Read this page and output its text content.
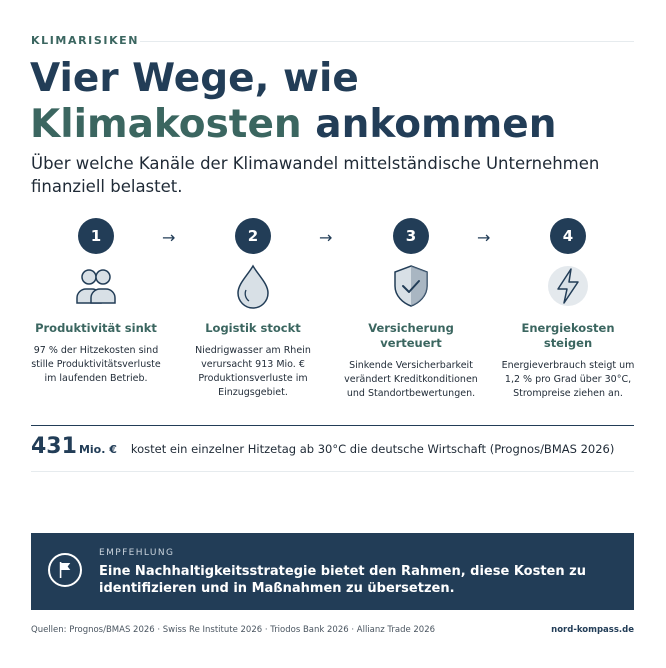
KLIMARISIKEN
Vier Wege, wie
Klimakosten ankommen

Über welche Kanäle der Klimawandel mittelständische Unternehmen finanziell belastet.

1
Produktivität sinkt
97 % der Hitzekosten sind stille Produktivitätsverluste im laufenden Betrieb.
→	2
Logistik stockt
Niedrigwasser am Rhein verursacht 913 Mio. € Produktionsverluste im Einzugsgebiet.
→	3
Versicherung verteuert
Sinkende Versicherbarkeit verändert Kreditkonditionen und Standortbewertungen.
→	4
Energiekosten steigen
Energieverbrauch steigt um 1,2 % pro Grad über 30°C, Strompreise ziehen an.
431 Mio. € kostet ein einzelner Hitzetag ab 30°C die deutsche Wirtschaft (Prognos/BMAS 2026)
EMPFEHLUNG
Eine Nachhaltigkeitsstrategie bietet den Rahmen, diese Kosten zu identifizieren und in Maßnahmen zu übersetzen.
Quellen: Prognos/BMAS 2026 · Swiss Re Institute 2026 · Triodos Bank 2026 · Allianz Trade 2026	nord-kompass.de
